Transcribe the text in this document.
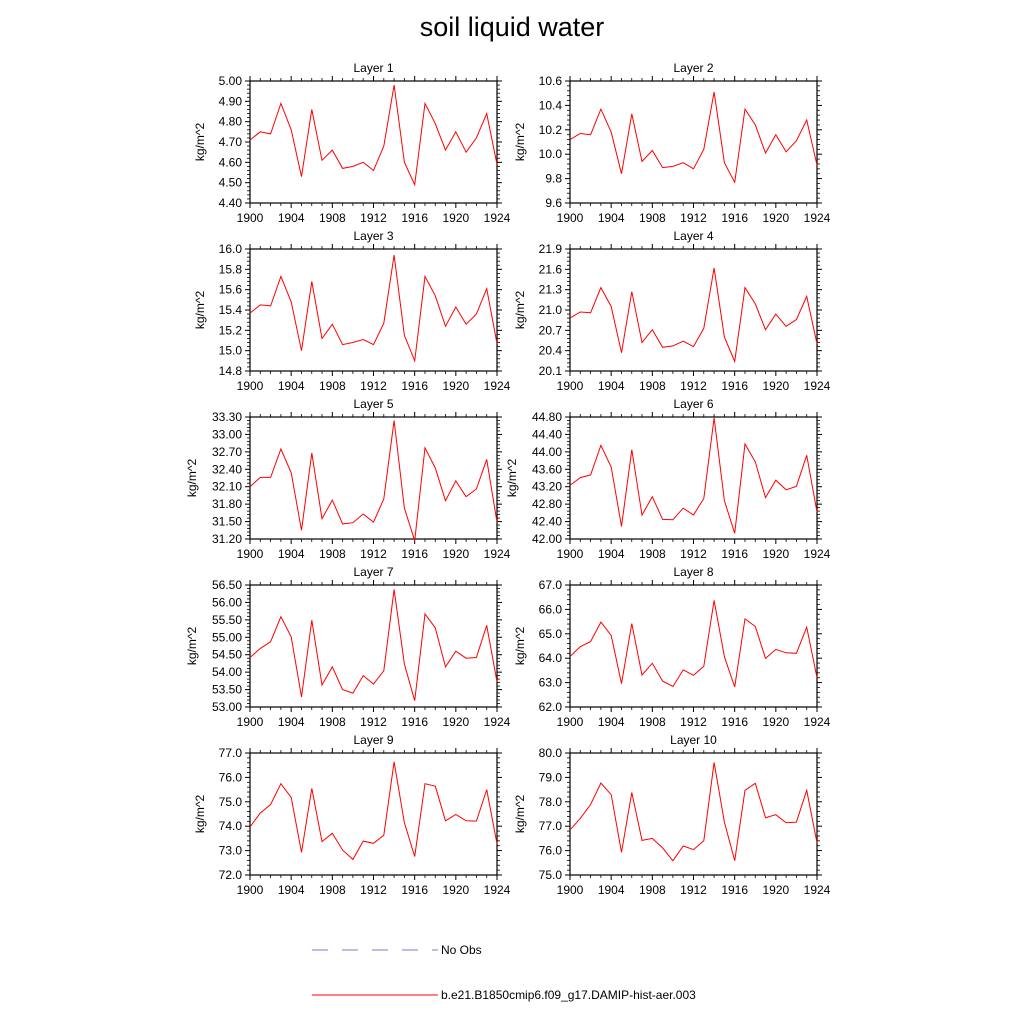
soil liquid water
Layer 1
4.40
4.50
4.60
4.70
4.80
4.90
5.00
1900 1904 1908 1912 1916 1920 1924
kg/m^2
Layer 2
9.6
9.8
10.0
10.2
10.4
10.6
1900 1904 1908 1912 1916 1920 1924
kg/m^2
Layer 3
14.8
15.0
15.2
15.4
15.6
15.8
16.0
1900 1904 1908 1912 1916 1920 1924
kg/m^2
Layer 4
20.1
20.4
20.7
21.0
21.3
21.6
21.9
1900 1904 1908 1912 1916 1920 1924
kg/m^2
Layer 5
31.20
31.50
31.80
32.10
32.40
32.70
33.00
33.30
1900 1904 1908 1912 1916 1920 1924
kg/m^2
Layer 6
42.00
42.40
42.80
43.20
43.60
44.00
44.40
44.80
1900 1904 1908 1912 1916 1920 1924
kg/m^2
Layer 7
53.00
53.50
54.00
54.50
55.00
55.50
56.00
56.50
1900 1904 1908 1912 1916 1920 1924
kg/m^2
Layer 8
62.0
63.0
64.0
65.0
66.0
67.0
1900 1904 1908 1912 1916 1920 1924
kg/m^2
Layer 9
72.0
73.0
74.0
75.0
76.0
77.0
1900 1904 1908 1912 1916 1920 1924
kg/m^2
Layer 10
75.0
76.0
77.0
78.0
79.0
80.0
1900 1904 1908 1912 1916 1920 1924
kg/m^2
No Obs
b.e21.B1850cmip6.f09_g17.DAMIP-hist-aer.003
